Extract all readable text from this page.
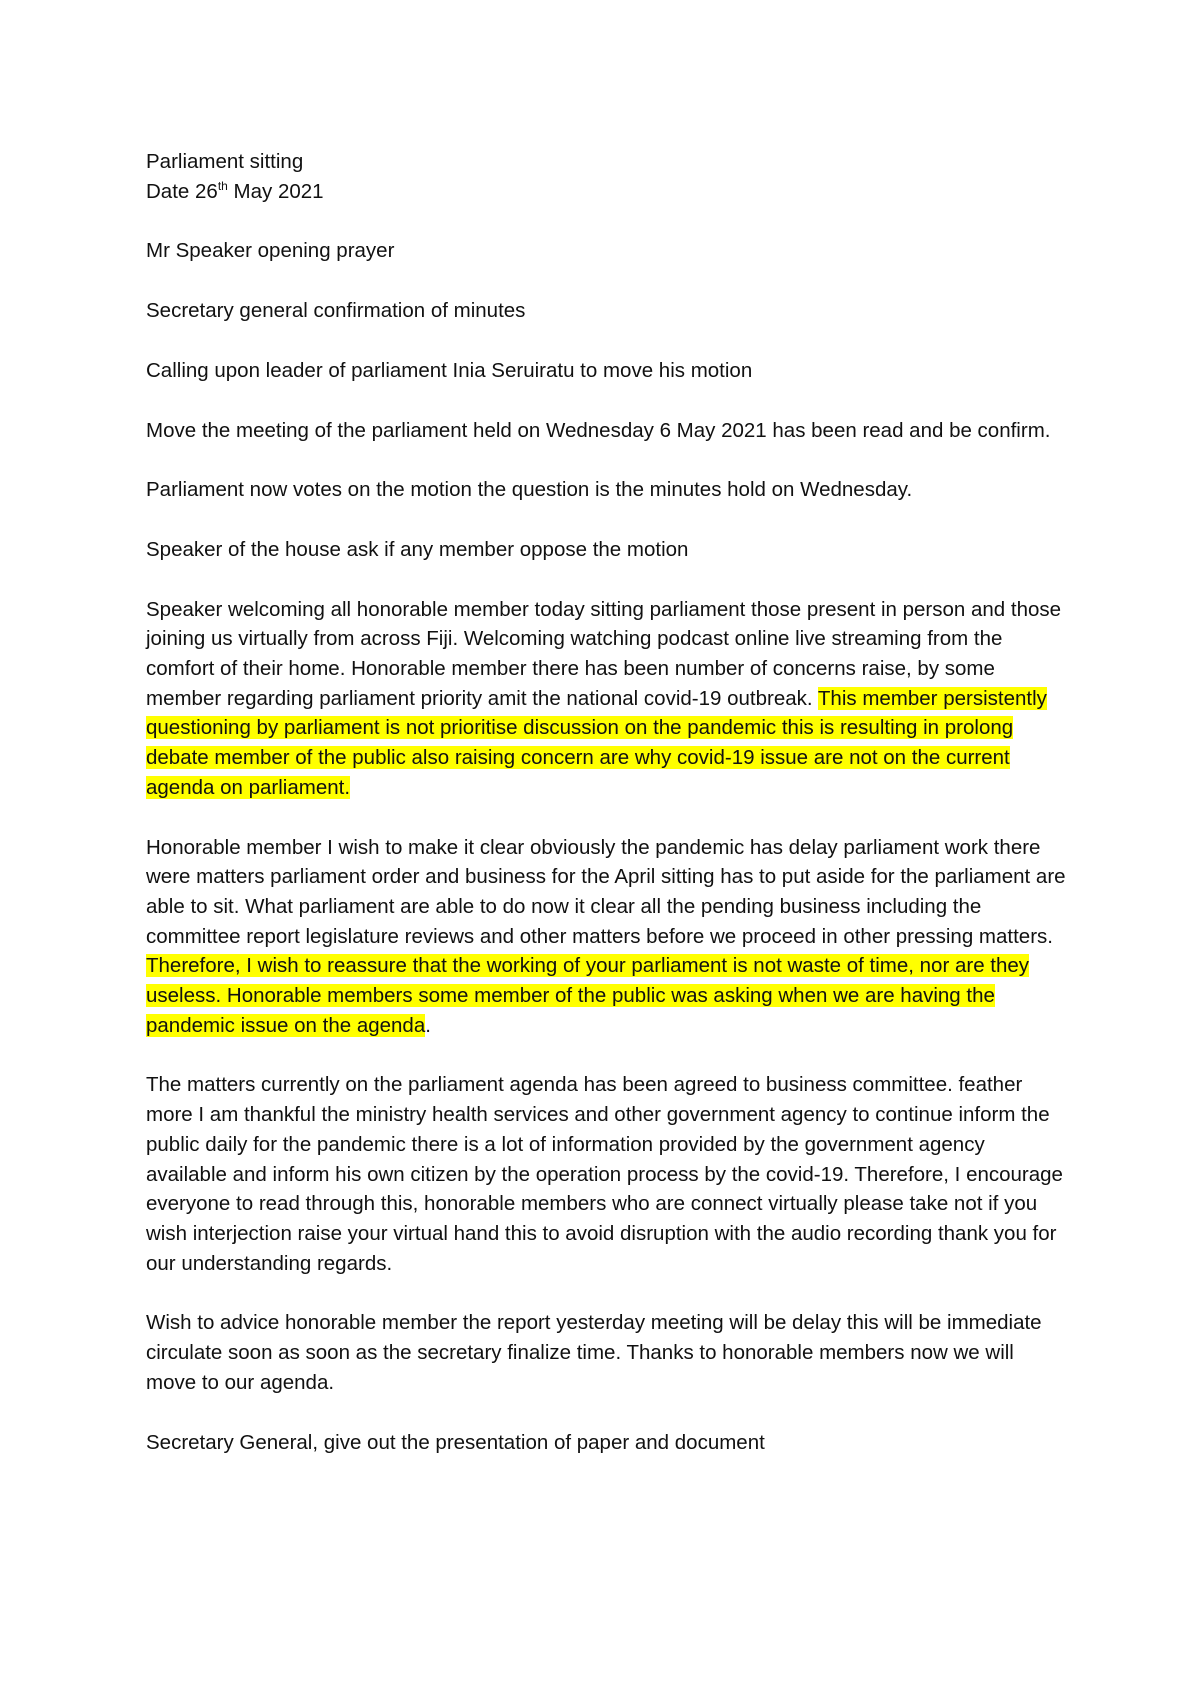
Parliament sitting

Date 26th May 2021

Mr Speaker opening prayer

Secretary general confirmation of minutes

Calling upon leader of parliament Inia Seruiratu to move his motion

Move the meeting of the parliament held on Wednesday 6 May 2021 has been read and be confirm.

Parliament now votes on the motion the question is the minutes hold on Wednesday.

Speaker of the house ask if any member oppose the motion

Speaker welcoming all honorable member today sitting parliament those present in person and those joining us virtually from across Fiji. Welcoming watching podcast online live streaming from the comfort of their home. Honorable member there has been number of concerns raise, by some member regarding parliament priority amit the national covid-19 outbreak. This member persistently questioning by parliament is not prioritise discussion on the pandemic this is resulting in prolong debate member of the public also raising concern are why covid-19 issue are not on the current agenda on parliament.

Honorable member I wish to make it clear obviously the pandemic has delay parliament work there were matters parliament order and business for the April sitting has to put aside for the parliament are able to sit. What parliament are able to do now it clear all the pending business including the committee report legislature reviews and other matters before we proceed in other pressing matters. Therefore, I wish to reassure that the working of your parliament is not waste of time, nor are they useless. Honorable members some member of the public was asking when we are having the pandemic issue on the agenda.

The matters currently on the parliament agenda has been agreed to business committee. feather more I am thankful the ministry health services and other government agency to continue inform the public daily for the pandemic there is a lot of information provided by the government agency available and inform his own citizen by the operation process by the covid-19. Therefore, I encourage everyone to read through this, honorable members who are connect virtually please take not if you wish interjection raise your virtual hand this to avoid disruption with the audio recording thank you for our understanding regards.

Wish to advice honorable member the report yesterday meeting will be delay this will be immediate circulate soon as soon as the secretary finalize time. Thanks to honorable members now we will move to our agenda.

Secretary General, give out the presentation of paper and document
